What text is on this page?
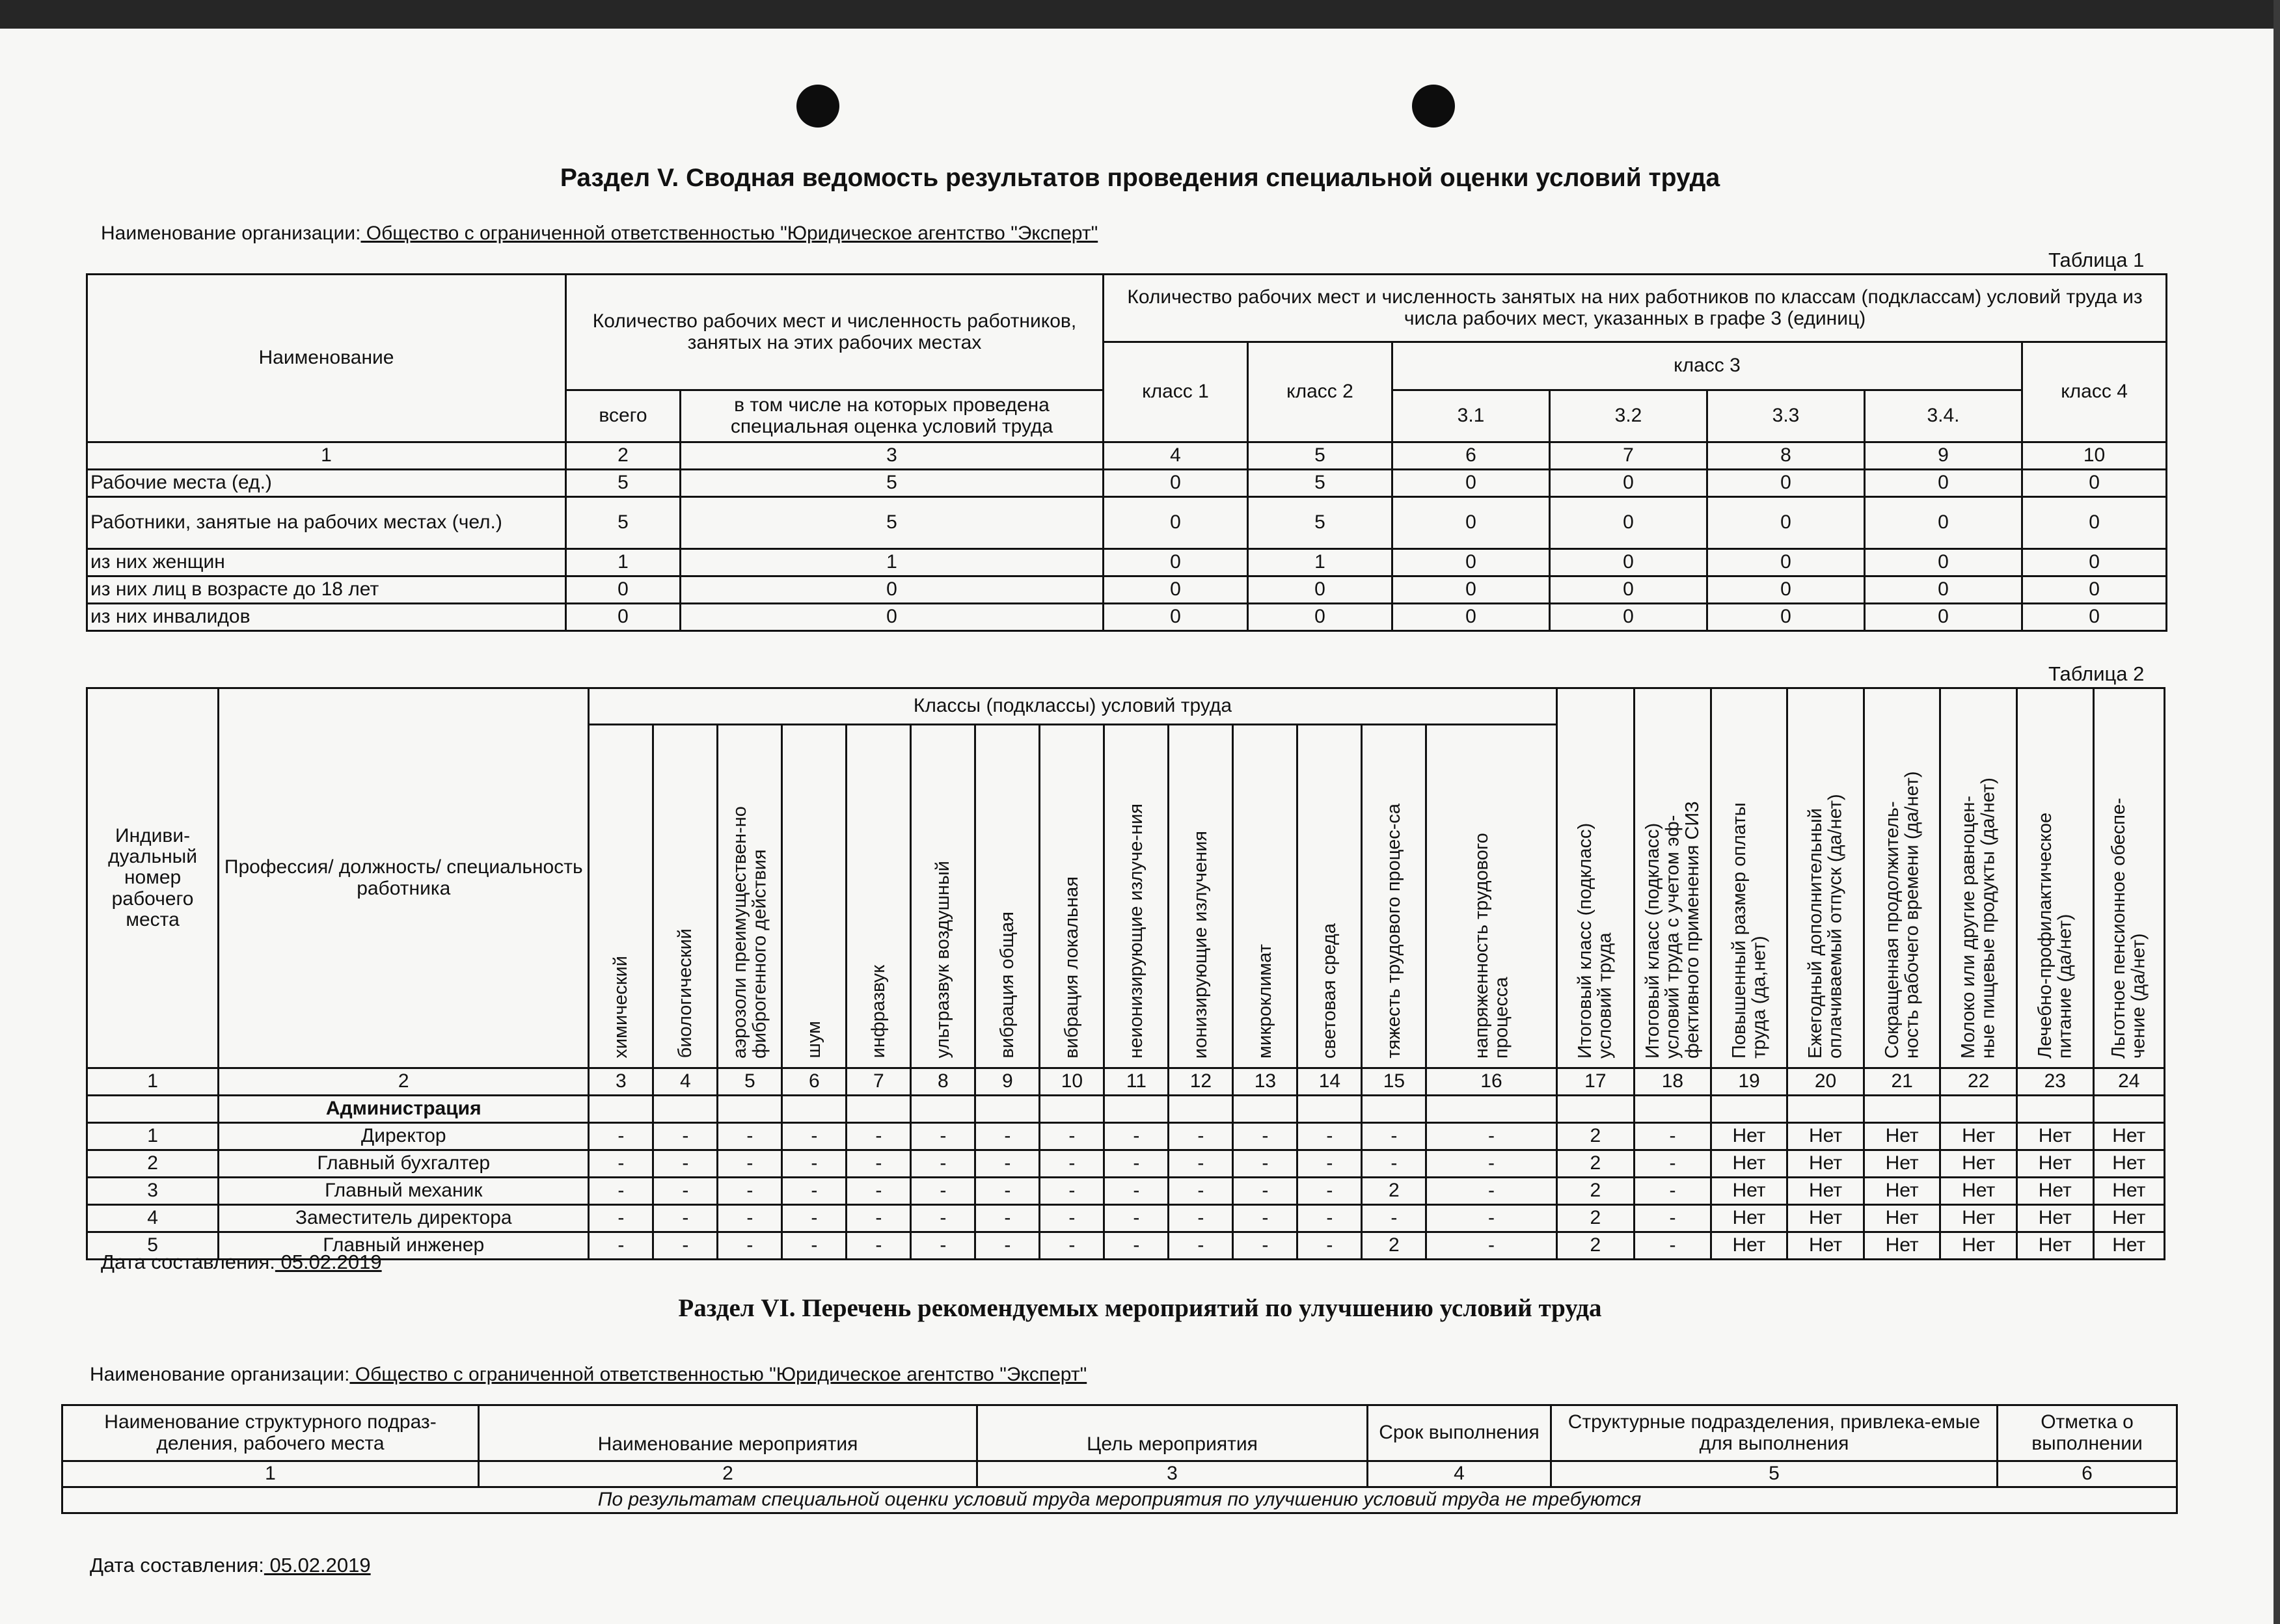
Раздел V. Сводная ведомость результатов проведения специальной оценки условий труда
Наименование организации: Общество с ограниченной ответственностью "Юридическое агентство "Эксперт"
Таблица 1
Наименование	Количество рабочих мест и численность работников, занятых на этих рабочих местах		Количество рабочих мест и численность занятых на них работников по классам (подклассам) условий труда из числа рабочих мест, указанных в графе 3 (единиц)						
			класс 1	класс 2	класс 3				класс 4
	всего	в том числе на которых проведена специальная оценка условий труда			3.1	3.2	3.3	3.4.	
1	2	3	4	5	6	7	8	9	10
Рабочие места (ед.)	5	5	0	5	0	0	0	0	0
Работники, занятые на рабочих местах (чел.)	5	5	0	5	0	0	0	0	0
из них женщин	1	1	0	1	0	0	0	0	0
из них лиц в возрасте до 18 лет	0	0	0	0	0	0	0	0	0
из них инвалидов	0	0	0	0	0	0	0	0	0
Таблица 2
Индиви-дуальный номер рабочего места	Профессия/ должность/ специальность работника	Классы (подклассы) условий труда														Итоговый класс (подкласс) условий труда	Итоговый класс (подкласс) условий труда с учетом эф-фективного применения СИЗ	Повышенный размер оплаты труда (да,нет)	Ежегодный дополнительный оплачиваемый отпуск (да/нет)	Сокращенная продолжитель-ность рабочего времени (да/нет)	Молоко или другие равноцен-ные пищевые продукты (да/нет)	Лечебно-профилактическое питание (да/нет)	Льготное пенсионное обеспе-чение (да/нет)
		химический	биологический	аэрозоли преимуществен-но фиброгенного действия	шум	инфразвук	ультразвук воздушный	вибрация общая	вибрация локальная	неионизирующие излуче-ния	ионизирующие излучения	микроклимат	световая среда	тяжесть трудового процес-са	напряженность трудового процесса								
1	2	3	4	5	6	7	8	9	10	11	12	13	14	15	16	17	18	19	20	21	22	23	24
	Администрация																						
1	Директор	-	-	-	-	-	-	-	-	-	-	-	-	-	-	2	-	Нет	Нет	Нет	Нет	Нет	Нет
2	Главный бухгалтер	-	-	-	-	-	-	-	-	-	-	-	-	-	-	2	-	Нет	Нет	Нет	Нет	Нет	Нет
3	Главный механик	-	-	-	-	-	-	-	-	-	-	-	-	2	-	2	-	Нет	Нет	Нет	Нет	Нет	Нет
4	Заместитель директора	-	-	-	-	-	-	-	-	-	-	-	-	-	-	2	-	Нет	Нет	Нет	Нет	Нет	Нет
5	Главный инженер	-	-	-	-	-	-	-	-	-	-	-	-	2	-	2	-	Нет	Нет	Нет	Нет	Нет	Нет
Дата составления: 05.02.2019
Раздел VI. Перечень рекомендуемых мероприятий по улучшению условий труда
Наименование организации: Общество с ограниченной ответственностью "Юридическое агентство "Эксперт"
Наименование структурного подраз-деления, рабочего места	Наименование мероприятия	Цель мероприятия	Срок выполнения	Структурные подразделения, привлека-емые для выполнения	Отметка о выполнении
1	2	3	4	5	6
По результатам специальной оценки условий труда мероприятия по улучшению условий труда не требуются					
Дата составления: 05.02.2019
